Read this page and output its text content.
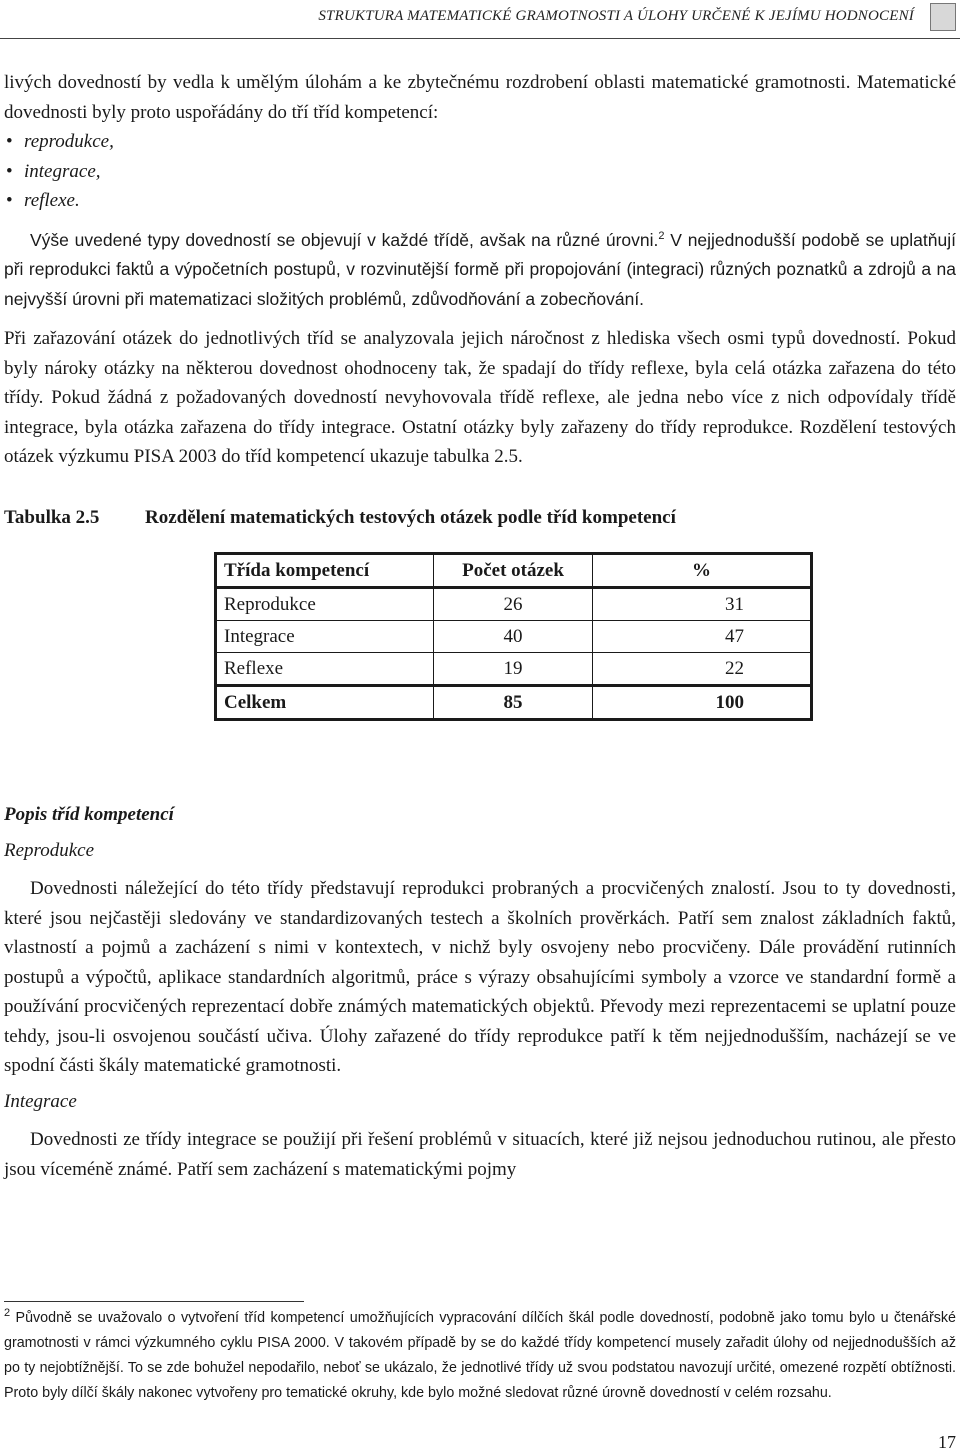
STRUKTURA MATEMATICKÉ GRAMOTNOSTI A ÚLOHY URČENÉ K JEJÍMU HODNOCENÍ

livých dovedností by vedla k umělým úlohám a ke zbytečnému rozdrobení oblasti matematické gramotnosti. Matematické dovednosti byly proto uspořádány do tří tříd kompetencí:

• reprodukce,
• integrace,
• reflexe.

Výše uvedené typy dovedností se objevují v každé třídě, avšak na různé úrovni.$^2$ V nejjednodušší podobě se uplatňují při reprodukci faktů a výpočetních postupů, v rozvinutější formě při propojování (integraci) různých poznatků a zdrojů a na nejvyšší úrovni při matematizaci složitých problémů, zdůvodňování a zobecňování.

Při zařazování otázek do jednotlivých tříd se analyzovala jejich náročnost z hlediska všech osmi typů dovedností. Pokud byly nároky otázky na některou dovednost ohodnoceny tak, že spadají do třídy reflexe, byla celá otázka zařazena do této třídy. Pokud žádná z požadovaných dovedností nevyhovovala třídě reflexe, ale jedna nebo více z nich odpovídaly třídě integrace, byla otázka zařazena do třídy integrace. Ostatní otázky byly zařazeny do třídy reprodukce. Rozdělení testových otázek výzkumu PISA 2003 do tříd kompetencí ukazuje tabulka 2.5.

Tabulka 2.5	Rozdělení matematických testových otázek podle tříd kompetencí
Třída kompetencí	Počet otázek	%
Reprodukce	26	31
Integrace	40	47
Reflexe	19	22
Celkem	85	100

Popis tříd kompetencí

Reprodukce

Dovednosti náležející do této třídy představují reprodukci probraných a procvičených znalostí. Jsou to ty dovednosti, které jsou nejčastěji sledovány ve standardizovaných testech a školních prověrkách. Patří sem znalost základních faktů, vlastností a pojmů a zacházení s nimi v kontextech, v nichž byly osvojeny nebo procvičeny. Dále provádění rutinních postupů a výpočtů, aplikace standardních algoritmů, práce s výrazy obsahujícími symboly a vzorce ve standardní formě a používání procvičených reprezentací dobře známých matematických objektů. Převody mezi reprezentacemi se uplatní pouze tehdy, jsou-li osvojenou součástí učiva. Úlohy zařazené do třídy reprodukce patří k těm nejjednodušším, nacházejí se ve spodní části škály matematické gramotnosti.

Integrace

Dovednosti ze třídy integrace se použijí při řešení problémů v situacích, které již nejsou jednoduchou rutinou, ale přesto jsou víceméně známé. Patří sem zacházení s matematickými pojmy

$^2$ Původně se uvažovalo o vytvoření tříd kompetencí umožňujících vypracování dílčích škál podle dovedností, podobně jako tomu bylo u čtenářské gramotnosti v rámci výzkumného cyklu PISA 2000. V takovém případě by se do každé třídy kompetencí musely zařadit úlohy od nejjednodušších až po ty nejobtížnější. To se zde bohužel nepodařilo, neboť se ukázalo, že jednotlivé třídy už svou podstatou navozují určité, omezené rozpětí obtížnosti. Proto byly dílčí škály nakonec vytvořeny pro tematické okruhy, kde bylo možné sledovat různé úrovně dovedností v celém rozsahu.
17
